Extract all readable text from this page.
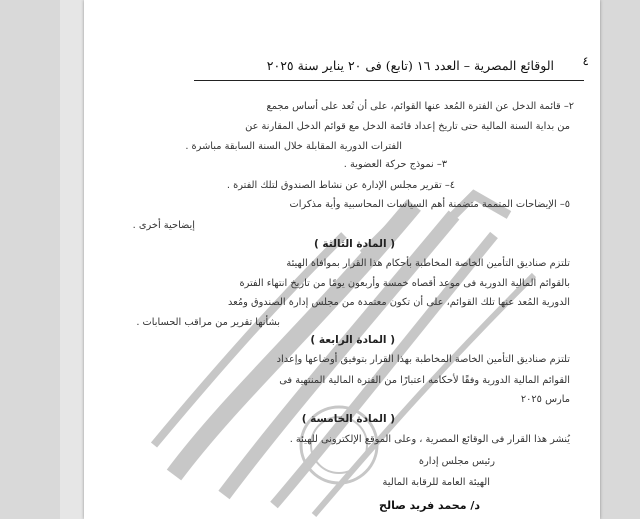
٤
الوقائع المصرية – العدد ١٦ (تابع) فى ٢٠ يناير سنة ٢٠٢٥
٢– قائمة الدخل عن الفترة المُعد عنها القوائم، على أن تُعد على أساس مجمع
من بداية السنة المالية حتى تاريخ إعداد قائمة الدخل مع قوائم الدخل المقارنة عن
الفترات الدورية المقابلة خلال السنة السابقة مباشرة .
٣– نموذج حركة العضوية .
٤– تقرير مجلس الإدارة عن نشاط الصندوق لتلك الفترة .
٥– الإيضاحات المتممة متضمنة أهم السياسات المحاسبية وأية مذكرات
إيضاحية أخرى .
( المادة الثالثة )
تلتزم صناديق التأمين الخاصة المخاطبة بأحكام هذا القرار بموافاة الهيئة
بالقوائم المالية الدورية فى موعد أقصاه خمسة وأربعون يومًا من تاريخ انتهاء الفترة
الدورية المُعد عنها تلك القوائم، على أن تكون معتمدة من مجلس إدارة الصندوق ومُعد
بشأنها تقرير من مراقب الحسابات .
( المادة الرابعة )
تلتزم صناديق التأمين الخاصة المخاطبة بهذا القرار بتوفيق أوضاعها وإعداد
القوائم المالية الدورية وفقًا لأحكامه اعتبارًا من الفترة المالية المنتهية فى
مارس ٢٠٢٥
( المادة الخامسة )
يُنشر هذا القرار فى الوقائع المصرية ، وعلى الموقع الإلكترونى للهيئة .
رئيس مجلس إدارة
الهيئة العامة للرقابة المالية
د/ محمد فريد صالح
